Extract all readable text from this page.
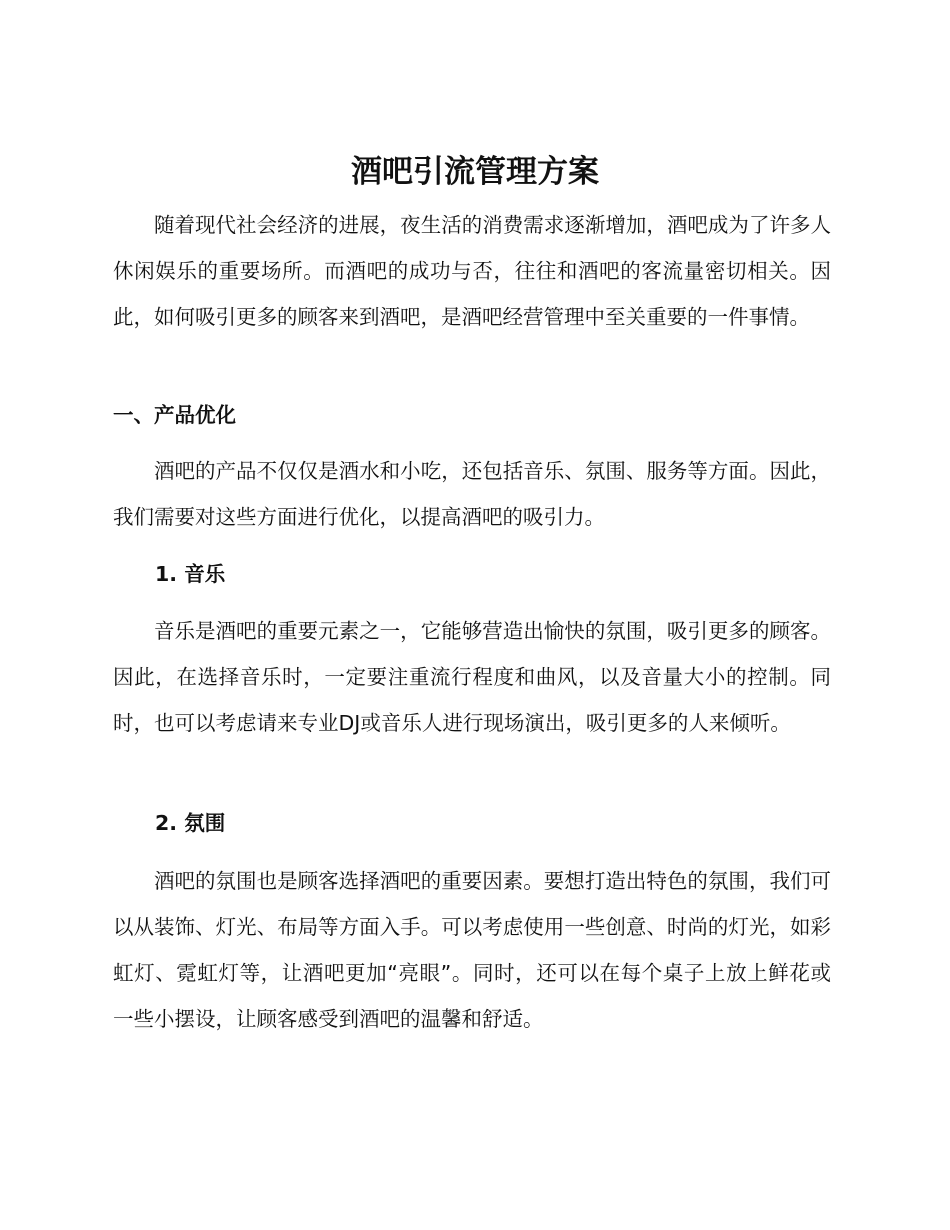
酒吧引流管理方案

随着现代社会经济的进展，夜生活的消费需求逐渐增加，酒吧成为了许多人休闲娱乐的重要场所。而酒吧的成功与否，往往和酒吧的客流量密切相关。因此，如何吸引更多的顾客来到酒吧，是酒吧经营管理中至关重要的一件事情。

一、产品优化

酒吧的产品不仅仅是酒水和小吃，还包括音乐、氛围、服务等方面。因此，我们需要对这些方面进行优化，以提高酒吧的吸引力。

1. 音乐

音乐是酒吧的重要元素之一，它能够营造出愉快的氛围，吸引更多的顾客。因此，在选择音乐时，一定要注重流行程度和曲风，以及音量大小的控制。同时，也可以考虑请来专业DJ或音乐人进行现场演出，吸引更多的人来倾听。

2. 氛围

酒吧的氛围也是顾客选择酒吧的重要因素。要想打造出特色的氛围，我们可以从装饰、灯光、布局等方面入手。可以考虑使用一些创意、时尚的灯光，如彩虹灯、霓虹灯等，让酒吧更加“亮眼”。同时，还可以在每个桌子上放上鲜花或一些小摆设，让顾客感受到酒吧的温馨和舒适。
